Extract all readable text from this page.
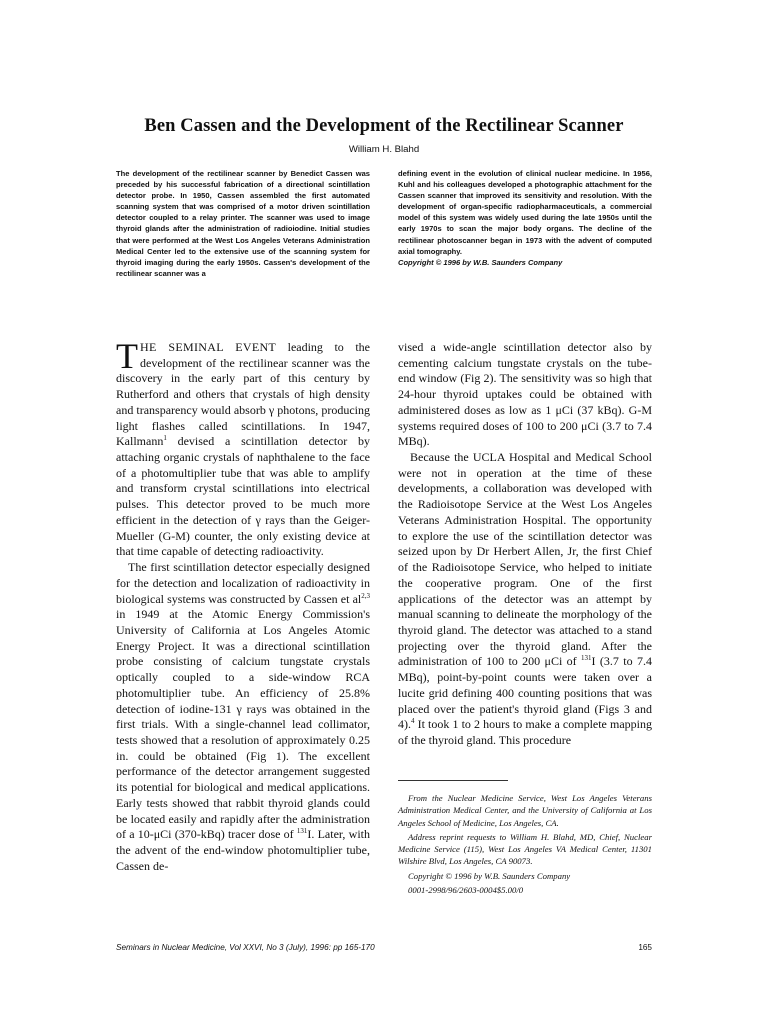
Ben Cassen and the Development of the Rectilinear Scanner
William H. Blahd

The development of the rectilinear scanner by Benedict Cassen was preceded by his successful fabrication of a directional scintillation detector probe. In 1950, Cassen assembled the first automated scanning system that was comprised of a motor driven scintillation detector coupled to a relay printer. The scanner was used to image thyroid glands after the administration of radioiodine. Initial studies that were performed at the West Los Angeles Veterans Administration Medical Center led to the extensive use of the scanning system for thyroid imaging during the early 1950s. Cassen's development of the rectilinear scanner was a

defining event in the evolution of clinical nuclear medicine. In 1956, Kuhl and his colleagues developed a photographic attachment for the Cassen scanner that improved its sensitivity and resolution. With the development of organ-specific radiopharmaceuticals, a commercial model of this system was widely used during the late 1950s until the early 1970s to scan the major body organs. The decline of the rectilinear photoscanner began in 1973 with the advent of computed axial tomography.
Copyright © 1996 by W.B. Saunders Company

THE SEMINAL EVENT leading to the development of the rectilinear scanner was the discovery in the early part of this century by Rutherford and others that crystals of high density and transparency would absorb γ photons, producing light flashes called scintillations. In 1947, Kallmann$^1$ devised a scintillation detector by attaching organic crystals of naphthalene to the face of a photomultiplier tube that was able to amplify and transform crystal scintillations into electrical pulses. This detector proved to be much more efficient in the detection of γ rays than the Geiger-Mueller (G-M) counter, the only existing device at that time capable of detecting radioactivity.

The first scintillation detector especially designed for the detection and localization of radioactivity in biological systems was constructed by Cassen et al$^{2,3}$ in 1949 at the Atomic Energy Commission's University of California at Los Angeles Atomic Energy Project. It was a directional scintillation probe consisting of calcium tungstate crystals optically coupled to a side-window RCA photomultiplier tube. An efficiency of 25.8% detection of iodine-131 γ rays was obtained in the first trials. With a single-channel lead collimator, tests showed that a resolution of approximately 0.25 in. could be obtained (Fig 1). The excellent performance of the detector arrangement suggested its potential for biological and medical applications. Early tests showed that rabbit thyroid glands could be located easily and rapidly after the administration of a 10-μCi (370-kBq) tracer dose of $^{131}$I. Later, with the advent of the end-window photomultiplier tube, Cassen de-

vised a wide-angle scintillation detector also by cementing calcium tungstate crystals on the tube-end window (Fig 2). The sensitivity was so high that 24-hour thyroid uptakes could be obtained with administered doses as low as 1 μCi (37 kBq). G-M systems required doses of 100 to 200 μCi (3.7 to 7.4 MBq).

Because the UCLA Hospital and Medical School were not in operation at the time of these developments, a collaboration was developed with the Radioisotope Service at the West Los Angeles Veterans Administration Hospital. The opportunity to explore the use of the scintillation detector was seized upon by Dr Herbert Allen, Jr, the first Chief of the Radioisotope Service, who helped to initiate the cooperative program. One of the first applications of the detector was an attempt by manual scanning to delineate the morphology of the thyroid gland. The detector was attached to a stand projecting over the thyroid gland. After the administration of 100 to 200 μCi of $^{131}$I (3.7 to 7.4 MBq), point-by-point counts were taken over a lucite grid defining 400 counting positions that was placed over the patient's thyroid gland (Figs 3 and 4).$^4$ It took 1 to 2 hours to make a complete mapping of the thyroid gland. This procedure

From the Nuclear Medicine Service, West Los Angeles Veterans Administration Medical Center, and the University of California at Los Angeles School of Medicine, Los Angeles, CA.

Address reprint requests to William H. Blahd, MD, Chief, Nuclear Medicine Service (115), West Los Angeles VA Medical Center, 11301 Wilshire Blvd, Los Angeles, CA 90073.

Copyright © 1996 by W.B. Saunders Company

0001-2998/96/2603-0004$5.00/0

Seminars in Nuclear Medicine, Vol XXVI, No 3 (July), 1996: pp 165-170	165
